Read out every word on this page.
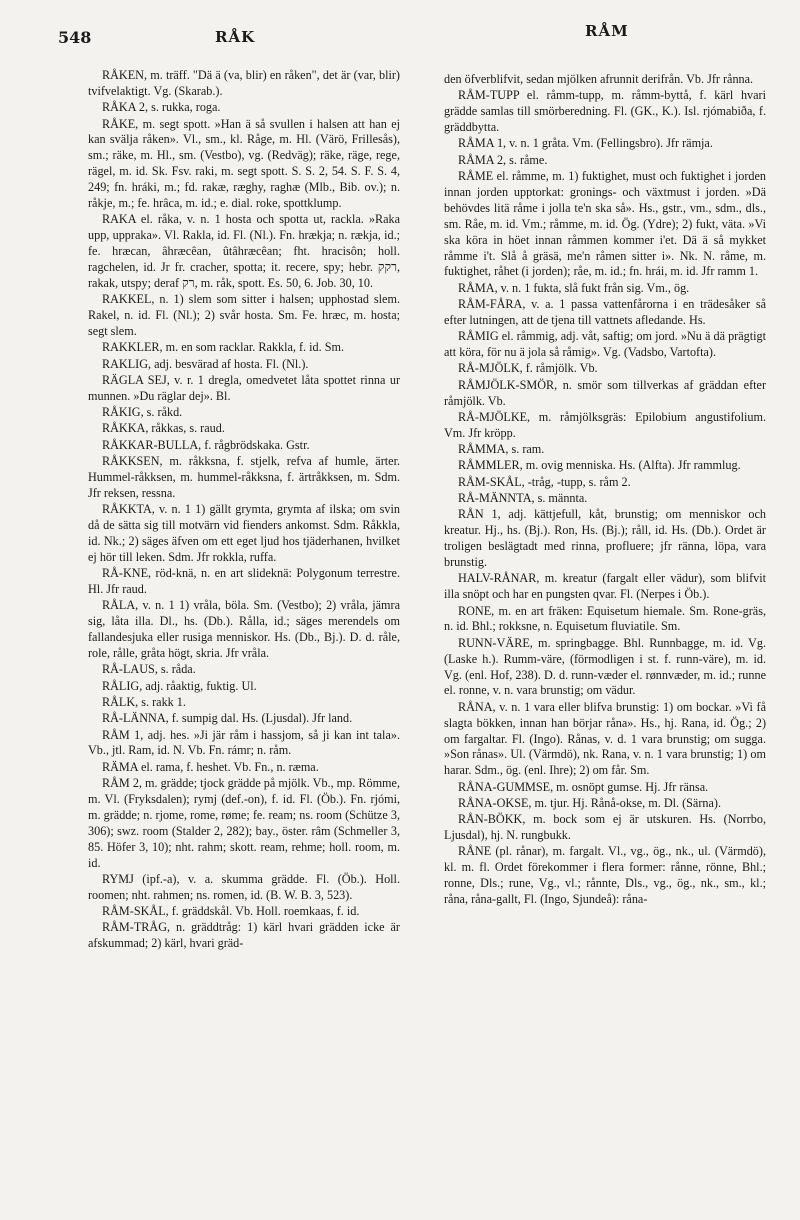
548	RÅK	RÅM

RÅKEN, m. träff. "Dä ä (va, blir) en råken", det är (var, blir) tvifvelaktigt. Vg. (Skarab.).

RÅKA 2, s. rukka, roga.

RÅKE, m. segt spott. »Han ä så svullen i halsen att han ej kan svälja råken». Vl., sm., kl. Råge, m. Hl. (Värö, Frillesås), sm.; räke, m. Hl., sm. (Vestbo), vg. (Redväg); räke, räge, rege, rägel, m. id. Sk. Fsv. raki, m. segt spott. S. S. 2, 54. S. F. S. 4, 249; fn. hráki, m.; fd. rakæ, ræghy, raghæ (Mlb., Bib. ov.); n. råkje, m.; fe. hrâca, m. id.; e. dial. roke, spottklump.

RAKA el. råka, v. n. 1 hosta och spotta ut, rackla. »Raka upp, uppraka». Vl. Rakla, id. Fl. (Nl.). Fn. hrækja; n. rækja, id.; fe. hræcan, âhræcêan, ûtâhræcêan; fht. hracisôn; holl. ragchelen, id. Jr fr. cracher, spotta; it. recere, spy; hebr. רקק, rakak, utspy; deraf רק, m. råk, spott. Es. 50, 6. Job. 30, 10.

RAKKEL, n. 1) slem som sitter i halsen; upphostad slem. Rakel, n. id. Fl. (Nl.); 2) svår hosta. Sm. Fe. hræc, m. hosta; segt slem.

RAKKLER, m. en som racklar. Rakkla, f. id. Sm.

RAKLIG, adj. besvärad af hosta. Fl. (Nl.).

RÄGLA SEJ, v. r. 1 dregla, omedvetet låta spottet rinna ur munnen. »Du räglar dej». Bl.

RÅKIG, s. råkd.

RÅKKA, råkkas, s. raud.

RÅKKAR-BULLA, f. rågbrödskaka. Gstr.

RÅKKSEN, m. råkksna, f. stjelk, refva af humle, ärter. Hummel-råkksen, m. hummel-råkksna, f. ärtråkksen, m. Sdm. Jfr reksen, ressna.

RÅKKTA, v. n. 1 1) gällt grymta, grymta af ilska; om svin då de sätta sig till motvärn vid fienders ankomst. Sdm. Råkkla, id. Nk.; 2) säges äfven om ett eget ljud hos tjäderhanen, hvilket ej hör till leken. Sdm. Jfr rokkla, ruffa.

RÅ-KNE, röd-knä, n. en art slideknä: Polygonum terrestre. Hl. Jfr raud.

RÅLA, v. n. 1 1) vråla, böla. Sm. (Vestbo); 2) vråla, jämra sig, låta illa. Dl., hs. (Db.). Rålla, id.; säges merendels om fallandesjuka eller rusiga menniskor. Hs. (Db., Bj.). D. d. råle, role, rålle, gråta högt, skria. Jfr vråla.

RÅ-LAUS, s. råda.

RÅLIG, adj. råaktig, fuktig. Ul.

RÅLK, s. rakk 1.

RÅ-LÄNNA, f. sumpig dal. Hs. (Ljusdal). Jfr land.

RÅM 1, adj. hes. »Ji jär råm i hassjom, så ji kan int tala». Vb., jtl. Ram, id. N. Vb. Fn. rámr; n. råm.

RÄMA el. rama, f. heshet. Vb. Fn., n. ræma.

RÅM 2, m. grädde; tjock grädde på mjölk. Vb., mp. Römme, m. Vl. (Fryksdalen); rymj (def.-on), f. id. Fl. (Öb.). Fn. rjómi, m. grädde; n. rjome, rome, røme; fe. ream; ns. room (Schütze 3, 306); swz. room (Stalder 2, 282); bay., öster. râm (Schmeller 3, 85. Höfer 3, 10); nht. rahm; skott. ream, rehme; holl. room, m. id.

RYMJ (ipf.-a), v. a. skumma grädde. Fl. (Öb.). Holl. roomen; nht. rahmen; ns. romen, id. (B. W. B. 3, 523).

RÅM-SKÅL, f. gräddskål. Vb. Holl. roemkaas, f. id.

RÅM-TRÅG, n. gräddtråg: 1) kärl hvari grädden icke är afskummad; 2) kärl, hvari gräd-

den öfverblifvit, sedan mjölken afrunnit derifrån. Vb. Jfr rånna.

RÅM-TUPP el. råmm-tupp, m. råmm-byttå, f. kärl hvari grädde samlas till smörberedning. Fl. (GK., K.). Isl. rjómabiða, f. gräddbytta.

RÅMA 1, v. n. 1 gråta. Vm. (Fellingsbro). Jfr rämja.

RÅMA 2, s. råme.

RÅME el. råmme, m. 1) fuktighet, must och fuktighet i jorden innan jorden upptorkat: gronings- och växtmust i jorden. »Dä behövdes litä råme i jolla te'n ska så». Hs., gstr., vm., sdm., dls., sm. Råe, m. id. Vm.; råmme, m. id. Ög. (Ydre); 2) fukt, väta. »Vi ska köra in höet innan råmmen kommer i'et. Dä ä så mykket råmme i't. Slå å gräsä, me'n råmen sitter i». Nk. N. råme, m. fuktighet, råhet (i jorden); råe, m. id.; fn. hrái, m. id. Jfr ramm 1.

RÅMA, v. n. 1 fukta, slå fukt från sig. Vm., ög.

RÅM-FÅRA, v. a. 1 passa vattenfårorna i en trädesåker så efter lutningen, att de tjena till vattnets afledande. Hs.

RÅMIG el. råmmig, adj. våt, saftig; om jord. »Nu ä dä prägtigt att köra, för nu ä jola så råmig». Vg. (Vadsbo, Vartofta).

RÅ-MJÖLK, f. råmjölk. Vb.

RÅMJÖLK-SMÖR, n. smör som tillverkas af gräddan efter råmjölk. Vb.

RÅ-MJÖLKE, m. råmjölksgräs: Epilobium angustifolium. Vm. Jfr kröpp.

RÅMMA, s. ram.

RÅMMLER, m. ovig menniska. Hs. (Alfta). Jfr rammlug.

RÅM-SKÅL, -tråg, -tupp, s. råm 2.

RÅ-MÄNNTA, s. männta.

RÅN 1, adj. kättjefull, kåt, brunstig; om menniskor och kreatur. Hj., hs. (Bj.). Ron, Hs. (Bj.); råll, id. Hs. (Db.). Ordet är troligen beslägtadt med rinna, profluere; jfr ränna, löpa, vara brunstig.

HALV-RÅNAR, m. kreatur (fargalt eller vädur), som blifvit illa snöpt och har en pungsten qvar. Fl. (Nerpes i Öb.).

RONE, m. en art fräken: Equisetum hiemale. Sm. Rone-gräs, n. id. Bhl.; rokksne, n. Equisetum fluviatile. Sm.

RUNN-VÄRE, m. springbagge. Bhl. Runnbagge, m. id. Vg. (Laske h.). Rumm-väre, (förmodligen i st. f. runn-väre), m. id. Vg. (enl. Hof, 238). D. d. runn-væder el. rønnvæder, m. id.; runne el. ronne, v. n. vara brunstig; om vädur.

RÅNA, v. n. 1 vara eller blifva brunstig: 1) om bockar. »Vi få slagta bökken, innan han börjar råna». Hs., hj. Rana, id. Ög.; 2) om fargaltar. Fl. (Ingo). Rånas, v. d. 1 vara brunstig; om sugga. »Son rånas». Ul. (Värmdö), nk. Rana, v. n. 1 vara brunstig; 1) om harar. Sdm., ög. (enl. Ihre); 2) om får. Sm.

RÅNA-GUMMSE, m. osnöpt gumse. Hj. Jfr ränsa.

RÅNA-OKSE, m. tjur. Hj. Rånå-okse, m. Dl. (Särna).

RÅN-BÖKK, m. bock som ej är utskuren. Hs. (Norrbo, Ljusdal), hj. N. rungbukk.

RÅNE (pl. rånar), m. fargalt. Vl., vg., ög., nk., ul. (Värmdö), kl. m. fl. Ordet förekommer i flera former: rånne, rönne, Bhl.; ronne, Dls.; rune, Vg., vl.; rånnte, Dls., vg., ög., nk., sm., kl.; råna, råna-gallt, Fl. (Ingo, Sjundeå): råna-
